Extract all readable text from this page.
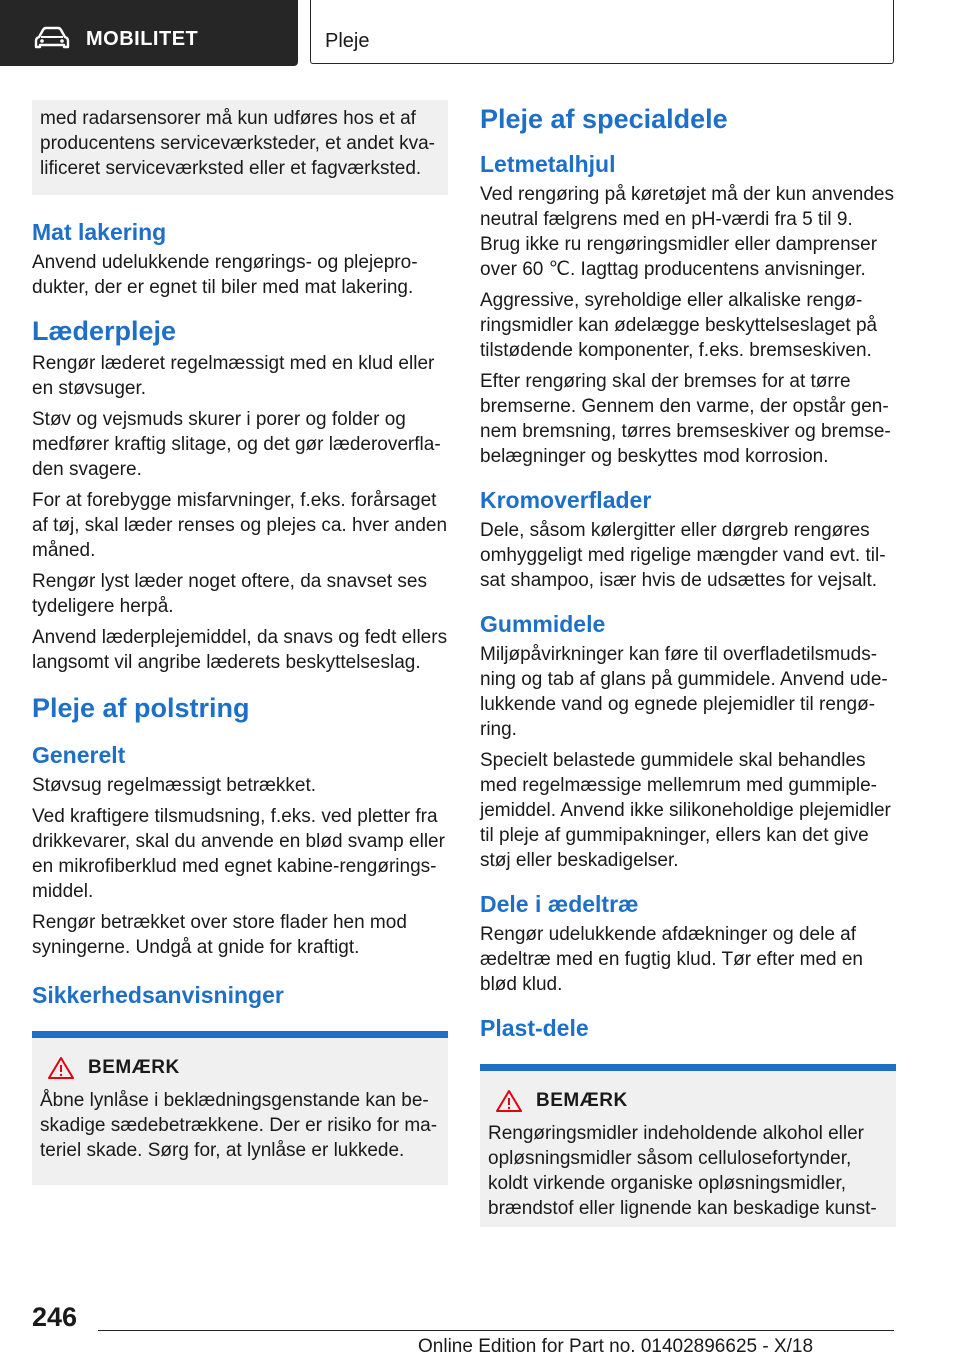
MOBILITET	Pleje

med radarsensorer må kun udføres hos et af producentens serviceværksteder, et andet kva-lificeret serviceværksted eller et fagværksted.

Mat lakering

Anvend udelukkende rengørings- og plejepro-dukter, der er egnet til biler med mat lakering.

Læderpleje

Rengør læderet regelmæssigt med en klud eller en støvsuger.

Støv og vejsmuds skurer i porer og folder og medfører kraftig slitage, og det gør læderoverfla-den svagere.

For at forebygge misfarvninger, f.eks. forårsaget af tøj, skal læder renses og plejes ca. hver anden måned.

Rengør lyst læder noget oftere, da snavset ses tydeligere herpå.

Anvend læderplejemiddel, da snavs og fedt ellers langsomt vil angribe læderets beskyttelseslag.

Pleje af polstring
Generelt

Støvsug regelmæssigt betrækket.

Ved kraftigere tilsmudsning, f.eks. ved pletter fra drikkevarer, skal du anvende en blød svamp eller en mikrofiberklud med egnet kabine-rengørings-middel.

Rengør betrækket over store flader hen mod syningerne. Undgå at gnide for kraftigt.

Sikkerhedsanvisninger
BEMÆRK

Åbne lynlåse i beklædningsgenstande kan be-skadige sædebetrækkene. Der er risiko for ma-teriel skade. Sørg for, at lynlåse er lukkede.

Pleje af specialdele
Letmetalhjul

Ved rengøring på køretøjet må der kun anvendes neutral fælgrens med en pH-værdi fra 5 til 9. Brug ikke ru rengøringsmidler eller damprenser over 60 ℃. Iagttag producentens anvisninger.

Aggressive, syreholdige eller alkaliske rengø-ringsmidler kan ødelægge beskyttelseslaget på tilstødende komponenter, f.eks. bremseskiven.

Efter rengøring skal der bremses for at tørre bremserne. Gennem den varme, der opstår gen-nem bremsning, tørres bremseskiver og bremse-belægninger og beskyttes mod korrosion.

Kromoverflader

Dele, såsom kølergitter eller dørgreb rengøres omhyggeligt med rigelige mængder vand evt. til-sat shampoo, især hvis de udsættes for vejsalt.

Gummidele

Miljøpåvirkninger kan føre til overfladetilsmuds-ning og tab af glans på gummidele. Anvend ude-lukkende vand og egnede plejemidler til rengø-ring.

Specielt belastede gummidele skal behandles med regelmæssige mellemrum med gummiple-jemiddel. Anvend ikke silikoneholdige plejemidler til pleje af gummipakninger, ellers kan det give støj eller beskadigelser.

Dele i ædeltræ

Rengør udelukkende afdækninger og dele af ædeltræ med en fugtig klud. Tør efter med en blød klud.

Plast-dele
BEMÆRK

Rengøringsmidler indeholdende alkohol eller opløsningsmidler såsom cellulosefortynder, koldt virkende organiske opløsningsmidler, brændstof eller lignende kan beskadige kunst-

246
Online Edition for Part no. 01402896625 - X/18
